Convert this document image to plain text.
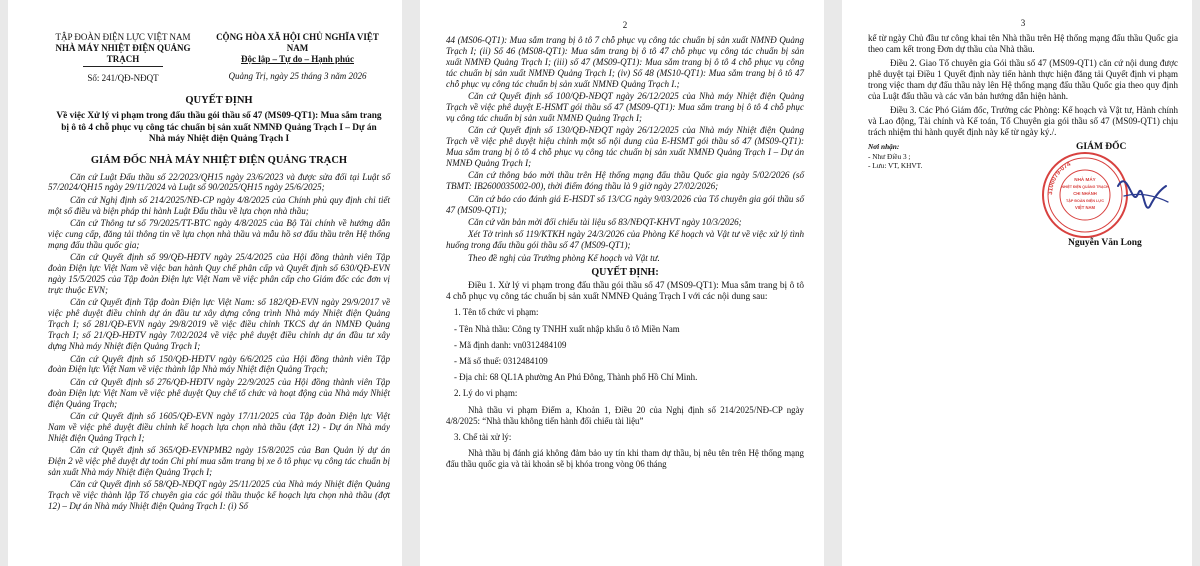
TẬP ĐOÀN ĐIỆN LỰC VIỆT NAM
NHÀ MÁY NHIỆT ĐIỆN QUẢNG TRẠCH
Số: 241/QĐ-NĐQT
CỘNG HÒA XÃ HỘI CHỦ NGHĨA VIỆT NAM
Độc lập – Tự do – Hạnh phúc
Quảng Trị, ngày 25 tháng 3 năm 2026
QUYẾT ĐỊNH
Về việc Xử lý vi phạm trong đấu thầu gói thầu số 47 (MS09-QT1): Mua sắm trang bị ô tô 4 chỗ phục vụ công tác chuẩn bị sản xuất NMNĐ Quảng Trạch I – Dự án Nhà máy Nhiệt điện Quảng Trạch I
GIÁM ĐỐC NHÀ MÁY NHIỆT ĐIỆN QUẢNG TRẠCH

Căn cứ Luật Đấu thầu số 22/2023/QH15 ngày 23/6/2023 và được sửa đổi tại Luật số 57/2024/QH15 ngày 29/11/2024 và Luật số 90/2025/QH15 ngày 25/6/2025;

Căn cứ Nghị định số 214/2025/NĐ-CP ngày 4/8/2025 của Chính phủ quy định chi tiết một số điều và biện pháp thi hành Luật Đấu thầu về lựa chọn nhà thầu;

Căn cứ Thông tư số 79/2025/TT-BTC ngày 4/8/2025 của Bộ Tài chính về hướng dẫn việc cung cấp, đăng tải thông tin về lựa chọn nhà thầu và mẫu hồ sơ đấu thầu trên Hệ thống mạng đấu thầu quốc gia;

Căn cứ Quyết định số 99/QĐ-HĐTV ngày 25/4/2025 của Hội đồng thành viên Tập đoàn Điện lực Việt Nam về việc ban hành Quy chế phân cấp và Quyết định số 630/QĐ-EVN ngày 15/5/2025 của Tập đoàn Điện lực Việt Nam về việc phân cấp cho Giám đốc các đơn vị trực thuộc EVN;

Căn cứ Quyết định Tập đoàn Điện lực Việt Nam: số 182/QĐ-EVN ngày 29/9/2017 về việc phê duyệt điều chỉnh dự án đầu tư xây dựng công trình Nhà máy Nhiệt điện Quảng Trạch I; số 281/QĐ-EVN ngày 29/8/2019 về việc điều chỉnh TKCS dự án NMNĐ Quảng Trạch I; số 21/QĐ-HĐTV ngày 7/02/2024 về việc phê duyệt điều chỉnh dự án đầu tư xây dựng Nhà máy Nhiệt điện Quảng Trạch I;

Căn cứ Quyết định số 150/QĐ-HĐTV ngày 6/6/2025 của Hội đồng thành viên Tập đoàn Điện lực Việt Nam về việc thành lập Nhà máy Nhiệt điện Quảng Trạch;

Căn cứ Quyết định số 276/QĐ-HĐTV ngày 22/9/2025 của Hội đồng thành viên Tập đoàn Điện lực Việt Nam về việc phê duyệt Quy chế tổ chức và hoạt động của Nhà máy Nhiệt điện Quảng Trạch;

Căn cứ Quyết định số 1605/QĐ-EVN ngày 17/11/2025 của Tập đoàn Điện lực Việt Nam về việc phê duyệt điều chỉnh kế hoạch lựa chọn nhà thầu (đợt 12) - Dự án Nhà máy Nhiệt điện Quảng Trạch I;

Căn cứ Quyết định số 365/QĐ-EVNPMB2 ngày 15/8/2025 của Ban Quản lý dự án Điện 2 về việc phê duyệt dự toán Chi phí mua sắm trang bị xe ô tô phục vụ công tác chuẩn bị sản xuất Nhà máy Nhiệt điện Quảng Trạch I;

Căn cứ Quyết định số 58/QĐ-NĐQT ngày 25/11/2025 của Nhà máy Nhiệt điện Quảng Trạch về việc thành lập Tổ chuyên gia các gói thầu thuộc kế hoạch lựa chọn nhà thầu (đợt 12) – Dự án Nhà máy Nhiệt điện Quảng Trạch I: (i) Số

2

44 (MS06-QT1): Mua sắm trang bị ô tô 7 chỗ phục vụ công tác chuẩn bị sản xuất NMNĐ Quảng Trạch I; (ii) Số 46 (MS08-QT1): Mua sắm trang bị ô tô 47 chỗ phục vụ công tác chuẩn bị sản xuất NMNĐ Quảng Trạch I; (iii) số 47 (MS09-QT1): Mua sắm trang bị ô tô 4 chỗ phục vụ công tác chuẩn bị sản xuất NMNĐ Quảng Trạch I; (iv) Số 48 (MS10-QT1): Mua sắm trang bị ô tô 47 chỗ phục vụ công tác chuẩn bị sản xuất NMNĐ Quảng Trạch I.;

Căn cứ Quyết định số 100/QĐ-NĐQT ngày 26/12/2025 của Nhà máy Nhiệt điện Quảng Trạch về việc phê duyệt E-HSMT gói thầu số 47 (MS09-QT1): Mua sắm trang bị ô tô 4 chỗ phục vụ công tác chuẩn bị sản xuất NMNĐ Quảng Trạch I;

Căn cứ Quyết định số 130/QĐ-NĐQT ngày 26/12/2025 của Nhà máy Nhiệt điện Quảng Trạch về việc phê duyệt hiệu chỉnh một số nội dung của E-HSMT gói thầu số 47 (MS09-QT1): Mua sắm trang bị ô tô 4 chỗ phục vụ công tác chuẩn bị sản xuất NMNĐ Quảng Trạch I – Dự án NMNĐ Quảng Trạch I;

Căn cứ thông báo mời thầu trên Hệ thống mạng đấu thầu Quốc gia ngày 5/02/2026 (số TBMT: IB2600035002-00), thời điểm đóng thầu là 9 giờ ngày 27/02/2026;

Căn cứ báo cáo đánh giá E-HSDT số 13/CG ngày 9/03/2026 của Tổ chuyên gia gói thầu số 47 (MS09-QT1);

Căn cứ văn bản mời đối chiếu tài liệu số 83/NĐQT-KHVT ngày 10/3/2026;

Xét Tờ trình số 119/KTKH ngày 24/3/2026 của Phòng Kế hoạch và Vật tư về việc xử lý tình huống trong đấu thầu gói thầu số 47 (MS09-QT1);

Theo đề nghị của Trưởng phòng Kế hoạch và Vật tư.

QUYẾT ĐỊNH:

Điều 1. Xử lý vi phạm trong đấu thầu gói thầu số 47 (MS09-QT1): Mua sắm trang bị ô tô 4 chỗ phục vụ công tác chuẩn bị sản xuất NMNĐ Quảng Trạch I với các nội dung sau:

1. Tên tổ chức vi phạm:

- Tên Nhà thầu: Công ty TNHH xuất nhập khẩu ô tô Miền Nam

- Mã định danh: vn0312484109

- Mã số thuế: 0312484109

- Địa chỉ: 68 QL1A phường An Phú Đông, Thành phố Hồ Chí Minh.

2. Lý do vi phạm:

Nhà thầu vi phạm Điểm a, Khoản 1, Điều 20 của Nghị định số 214/2025/NĐ-CP ngày 4/8/2025: “Nhà thầu không tiến hành đối chiếu tài liệu”

3. Chế tài xử lý:

Nhà thầu bị đánh giá không đảm bảo uy tín khi tham dự thầu, bị nêu tên trên Hệ thống mạng đấu thầu quốc gia và tài khoản sẽ bị khóa trong vòng 06 tháng

3

kể từ ngày Chủ đầu tư công khai tên Nhà thầu trên Hệ thống mạng đấu thầu Quốc gia theo cam kết trong Đơn dự thầu của Nhà thầu.

Điều 2. Giao Tổ chuyên gia Gói thầu số 47 (MS09-QT1) căn cứ nội dung được phê duyệt tại Điều 1 Quyết định này tiến hành thực hiện đăng tải Quyết định vi phạm trong việc tham dự đấu thầu này lên Hệ thống mạng đấu thầu Quốc gia theo quy định của Luật đấu thầu và các văn bản hướng dẫn hiện hành.

Điều 3. Các Phó Giám đốc, Trưởng các Phòng: Kế hoạch và Vật tư, Hành chính và Lao động, Tài chính và Kế toán, Tổ Chuyên gia gói thầu số 47 (MS09-QT1) chịu trách nhiệm thi hành quyết định này kể từ ngày ký./.

Nơi nhận:
- Như Điều 3 ;
- Lưu: VT, KHVT.
GIÁM ĐỐC
3100079-074
NHÀ MÁY
NHIỆT ĐIỆN QUẢNG TRẠCH
CHI NHÁNH
TẬP ĐOÀN ĐIỆN LỰC
VIỆT NAM
Nguyễn Văn Long
